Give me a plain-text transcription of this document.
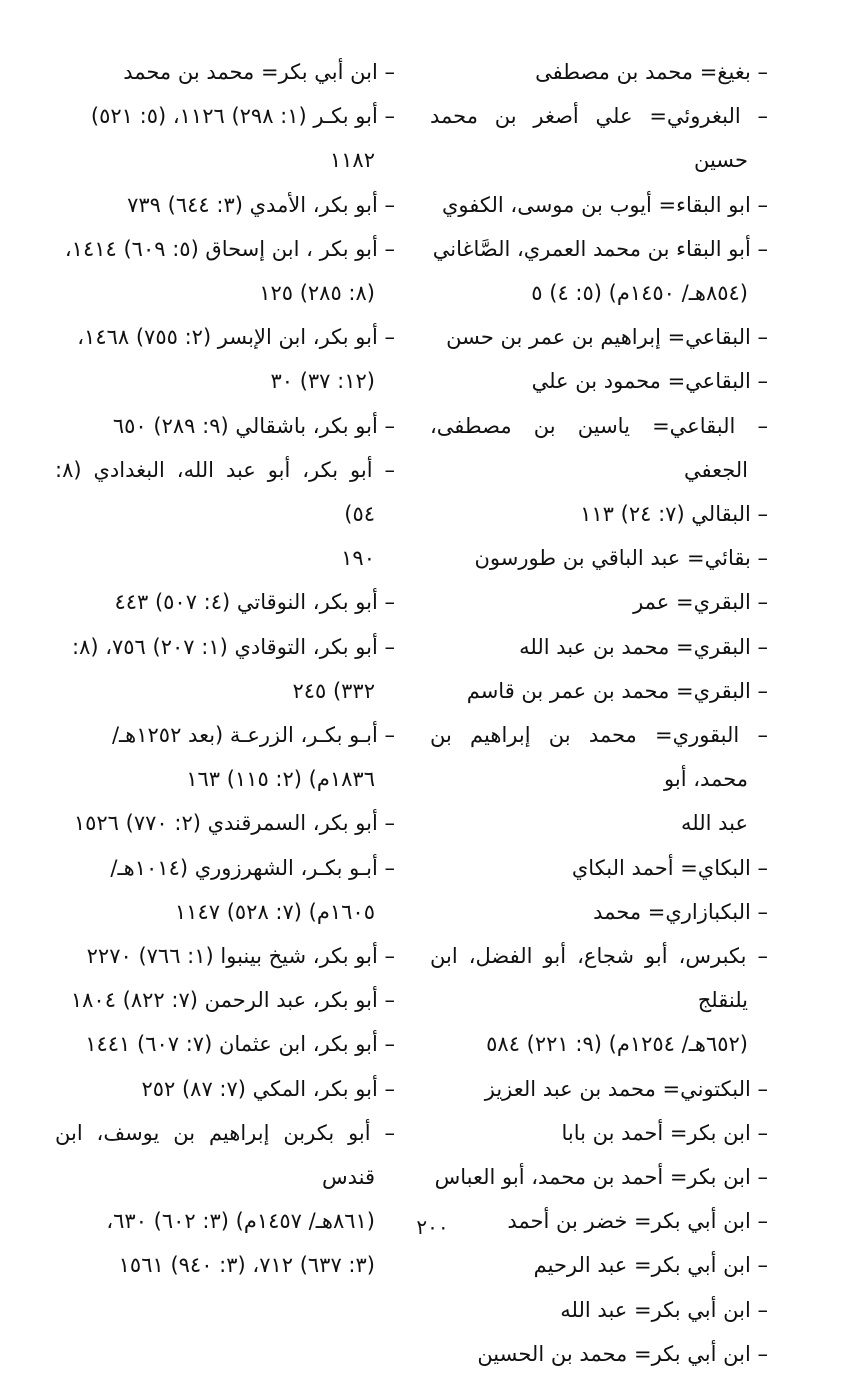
– بغيغ= محمد بن مصطفى

– البغروئي= علي أصغر بن محمد حسين

– ابو البقاء= أيوب بن موسى، الكفوي

– أبو البقاء بن محمد العمري، الصَّاغاني
(٨٥٤هـ/ ١٤٥٠م) (٥: ٤) ٥

– البقاعي= إبراهيم بن عمر بن حسن

– البقاعي= محمود بن علي

– البقاعي= ياسين بن مصطفى، الجعفي

– البقالي (٧: ٢٤) ١١٣

– بقائي= عبد الباقي بن طورسون

– البقري= عمر

– البقري= محمد بن عبد الله

– البقري= محمد بن عمر بن قاسم

– البقوري= محمد بن إبراهيم بن محمد، أبو
عبد الله

– البكاي= أحمد البكاي

– البكبازاري= محمد

– بكبرس، أبو شجاع، أبو الفضل، ابن يلنقلج
(٦٥٢هـ/ ١٢٥٤م) (٩: ٢٢١) ٥٨٤

– البكتوني= محمد بن عبد العزيز

– ابن بكر= أحمد بن بابا

– ابن بكر= أحمد بن محمد، أبو العباس

– ابن أبي بكر= خضر بن أحمد

– ابن أبي بكر= عبد الرحيم

– ابن أبي بكر= عبد الله

– ابن أبي بكر= محمد بن الحسين

– ابن أبي بكر= محمد بن محمد

– أبو بكـر (١: ٢٩٨) ١١٢٦، (٥: ٥٢١)
١١٨٢

– أبو بكر، الأمدي (٣: ٦٤٤) ٧٣٩

– أبو بكر ، ابن إسحاق (٥: ٦٠٩) ١٤١٤،
(٨: ٢٨٥) ١٢٥

– أبو بكر، ابن الإبسر (٢: ٧٥٥) ١٤٦٨،
(١٢: ٣٧) ٣٠

– أبو بكر، باشقالي (٩: ٢٨٩) ٦٥٠

– أبو بكر، أبو عبد الله، البغدادي (٨: ٥٤)
١٩٠

– أبو بكر، النوقاتي (٤: ٥٠٧) ٤٤٣

– أبو بكر، التوقادي (١: ٢٠٧) ٧٥٦، (٨:
٣٣٢) ٢٤٥

– أبـو بكـر، الزرعـة (بعد ١٢٥٢هـ/
١٨٣٦م) (٢: ١١٥) ١٦٣

– أبو بكر، السمرقندي (٢: ٧٧٠) ١٥٢٦

– أبـو بكـر، الشهرزوري (١٠١٤هـ/
١٦٠٥م) (٧: ٥٢٨) ١١٤٧

– أبو بكر، شيخ بينبوا (١: ٧٦٦) ٢٢٧٠

– أبو بكر، عبد الرحمن (٧: ٨٢٢) ١٨٠٤

– أبو بكر، ابن عثمان (٧: ٦٠٧) ١٤٤١

– أبو بكر، المكي (٧: ٨٧) ٢٥٢

– أبو بكربن إبراهيم بن يوسف، ابن قندس
(٨٦١هـ/ ١٤٥٧م) (٣: ٦٠٢) ٦٣٠،
(٣: ٦٣٧) ٧١٢، (٣: ٩٤٠) ١٥٦١

٢٠٠
